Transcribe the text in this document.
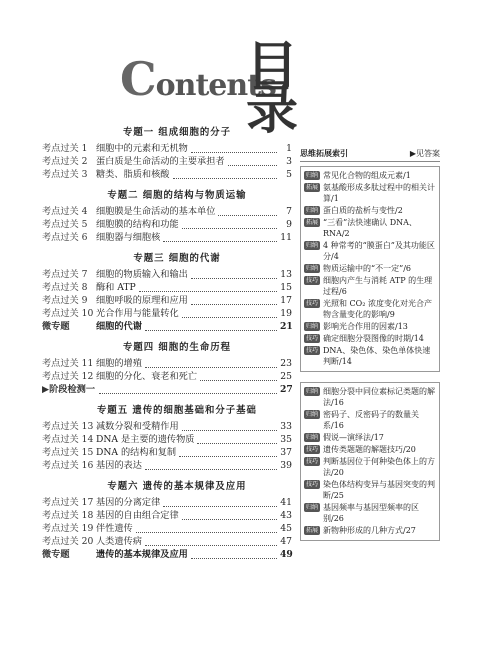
Contents
目
录
专题一 组成细胞的分子
考点过关 1 细胞中的元素和无机物	1
考点过关 2 蛋白质是生命活动的主要承担者	3
考点过关 3 糖类、脂质和核酸	5
专题二 细胞的结构与物质运输
考点过关 4 细胞膜是生命活动的基本单位	7
考点过关 5 细胞膜的结构和功能	9
考点过关 6 细胞器与细胞核	11
专题三 细胞的代谢
考点过关 7 细胞的物质输入和输出	13
考点过关 8 酶和 ATP	15
考点过关 9 细胞呼吸的原理和应用	17
考点过关 10 光合作用与能量转化	19
微专题	细胞的代谢	21
专题四 细胞的生命历程
考点过关 11 细胞的增殖	23
考点过关 12 细胞的分化、衰老和死亡	25
▶阶段检测一	27
专题五 遗传的细胞基础和分子基础
考点过关 13 减数分裂和受精作用	33
考点过关 14 DNA 是主要的遗传物质	35
考点过关 15 DNA 的结构和复制	37
考点过关 16 基因的表达	39
专题六 遗传的基本规律及应用
考点过关 17 基因的分离定律	41
考点过关 18 基因的自由组合定律	43
考点过关 19 伴性遗传	45
考点过关 20 人类遗传病	47
微专题	遗传的基本规律及应用	49
思维拓展索引	▶见答案
归纳 常见化合物的组成元素/1
拓展 氨基酸形成多肽过程中的相关计算/1
归纳 蛋白质的盐析与变性/2
拓展 “三看”法快速确认 DNA、RNA/2
归纳 4 种常考的“膜蛋白”及其功能区分/4
归纳 物质运输中的“不一定”/6
技巧 细胞内产生与消耗 ATP 的生理过程/6
技巧 光照和 CO₂ 浓度变化对光合产物含量变化的影响/9
归纳 影响光合作用的因素/13
技巧 确定细胞分裂图像的时期/14
技巧 DNA、染色体、染色单体快速判断/14
归纳 细胞分裂中同位素标记类题的解法/16
归纳 密码子、反密码子的数量关系/16
归纳 假说—演绎法/17
技巧 遗传类题题的解题技巧/20
技巧 判断基因位于何种染色体上的方法/20
技巧 染色体结构变异与基因突变的判断/25
归纳 基因频率与基因型频率的区别/26
拓展 新物种形成的几种方式/27
